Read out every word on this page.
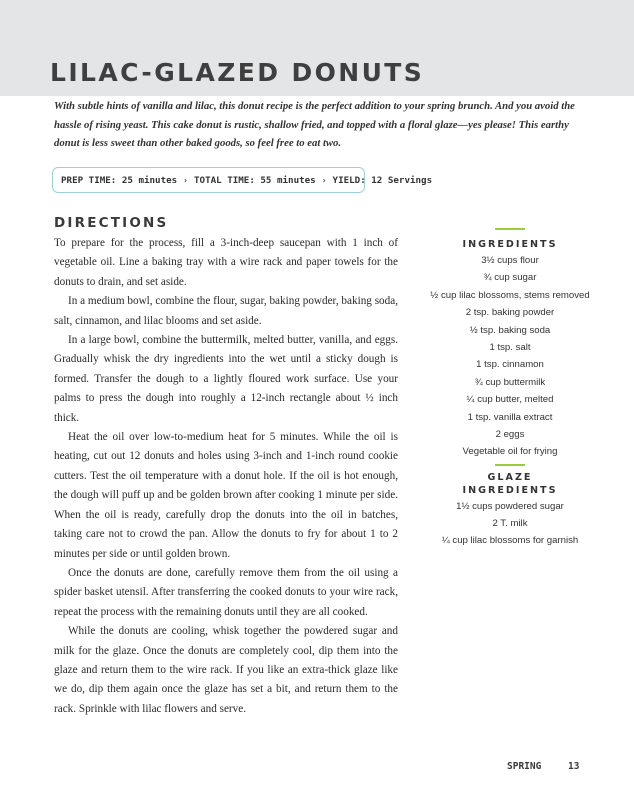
LILAC-GLAZED DONUTS
With subtle hints of vanilla and lilac, this donut recipe is the perfect addition to your spring brunch. And you avoid the hassle of rising yeast. This cake donut is rustic, shallow fried, and topped with a floral glaze—yes please! This earthy donut is less sweet than other baked goods, so feel free to eat two.
PREP TIME: 25 minutes › TOTAL TIME: 55 minutes › YIELD: 12 Servings
DIRECTIONS

To prepare for the process, fill a 3-inch-deep saucepan with 1 inch of vegetable oil. Line a baking tray with a wire rack and paper towels for the donuts to drain, and set aside.

In a medium bowl, combine the flour, sugar, baking powder, baking soda, salt, cinnamon, and lilac blooms and set aside.

In a large bowl, combine the buttermilk, melted butter, vanilla, and eggs. Gradually whisk the dry ingredients into the wet until a sticky dough is formed. Transfer the dough to a lightly floured work surface. Use your palms to press the dough into roughly a 12-inch rectangle about ½ inch thick.

Heat the oil over low-to-medium heat for 5 minutes. While the oil is heating, cut out 12 donuts and holes using 3-inch and 1-inch round cookie cutters. Test the oil temperature with a donut hole. If the oil is hot enough, the dough will puff up and be golden brown after cooking 1 minute per side. When the oil is ready, carefully drop the donuts into the oil in batches, taking care not to crowd the pan. Allow the donuts to fry for about 1 to 2 minutes per side or until golden brown.

Once the donuts are done, carefully remove them from the oil using a spider basket utensil. After transferring the cooked donuts to your wire rack, repeat the process with the remaining donuts until they are all cooked.

While the donuts are cooling, whisk together the powdered sugar and milk for the glaze. Once the donuts are completely cool, dip them into the glaze and return them to the wire rack. If you like an extra-thick glaze like we do, dip them again once the glaze has set a bit, and return them to the rack. Sprinkle with lilac flowers and serve.

INGREDIENTS
3½ cups flour
¾ cup sugar
½ cup lilac blossoms, stems removed
2 tsp. baking powder
½ tsp. baking soda
1 tsp. salt
1 tsp. cinnamon
¾ cup buttermilk
¼ cup butter, melted
1 tsp. vanilla extract
2 eggs
Vegetable oil for frying
GLAZE
INGREDIENTS
1½ cups powdered sugar
2 T. milk
¼ cup lilac blossoms for garnish
SPRING	13
